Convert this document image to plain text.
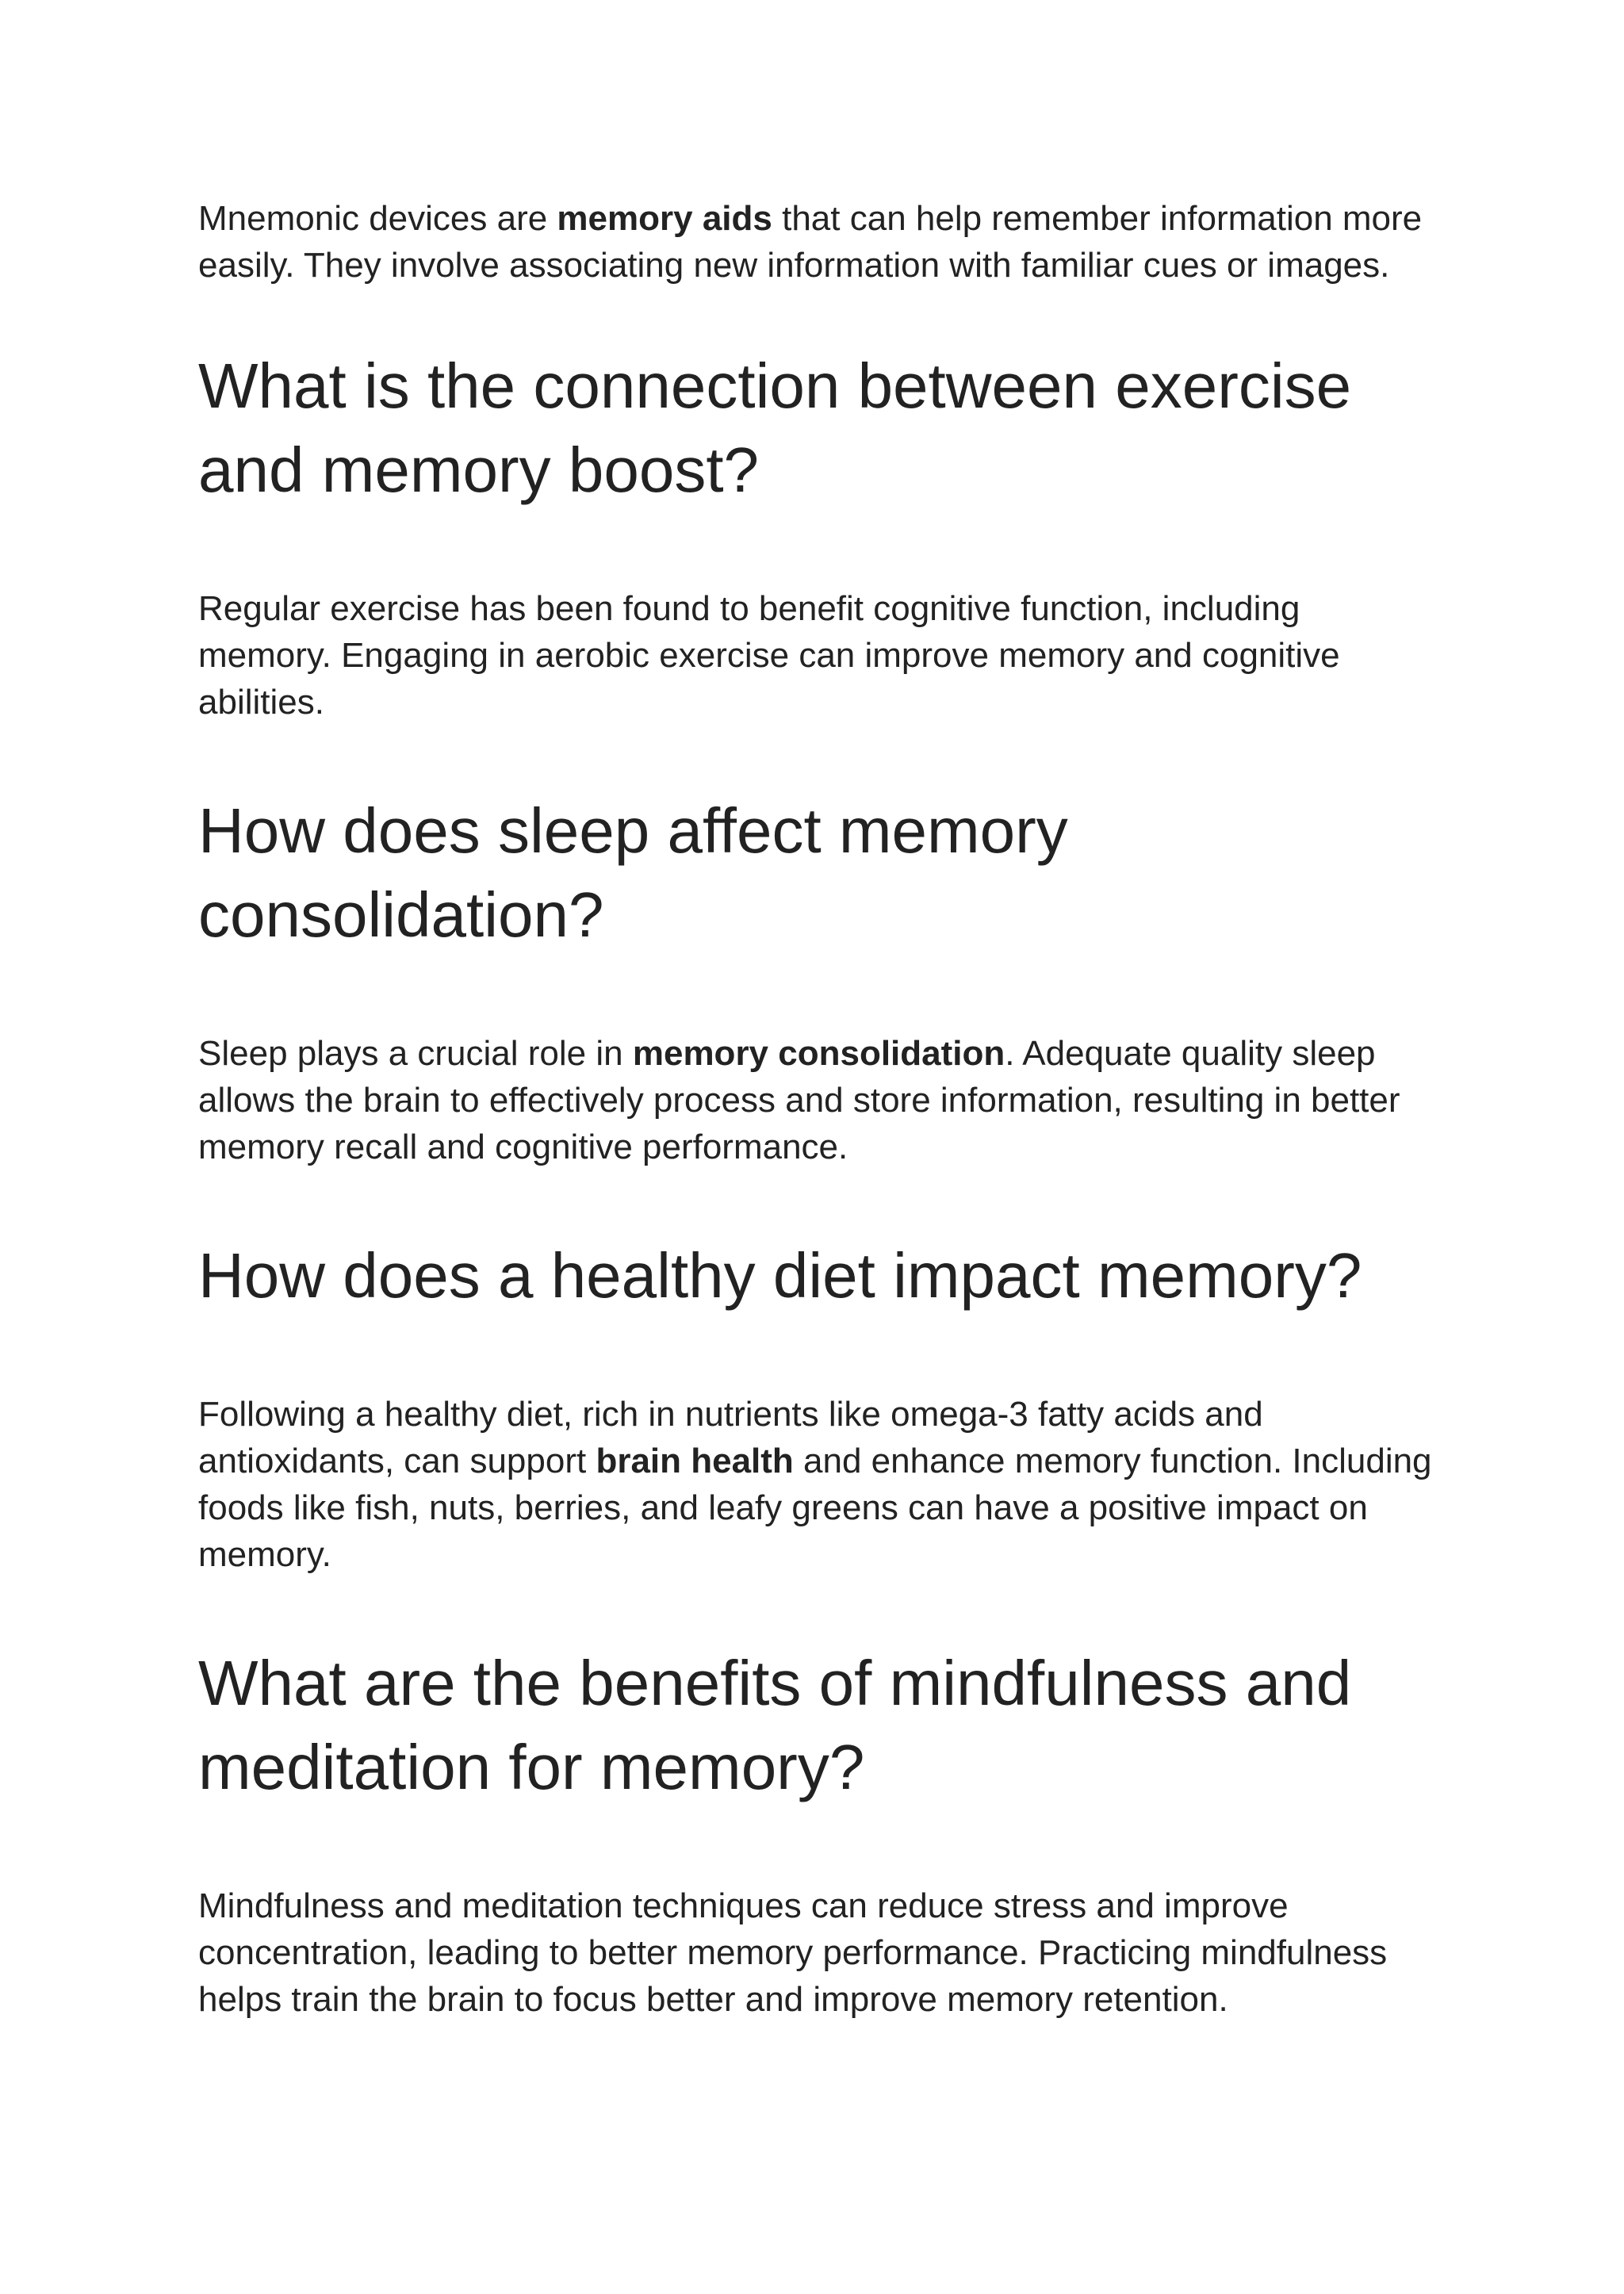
Mnemonic devices are memory aids that can help remember information more easily. They involve associating new information with familiar cues or images.

What is the connection between exercise and memory boost?

Regular exercise has been found to benefit cognitive function, including memory. Engaging in aerobic exercise can improve memory and cognitive abilities.

How does sleep affect memory consolidation?

Sleep plays a crucial role in memory consolidation. Adequate quality sleep allows the brain to effectively process and store information, resulting in better memory recall and cognitive performance.

How does a healthy diet impact memory?

Following a healthy diet, rich in nutrients like omega-3 fatty acids and antioxidants, can support brain health and enhance memory function. Including foods like fish, nuts, berries, and leafy greens can have a positive impact on memory.

What are the benefits of mindfulness and meditation for memory?

Mindfulness and meditation techniques can reduce stress and improve concentration, leading to better memory performance. Practicing mindfulness helps train the brain to focus better and improve memory retention.
